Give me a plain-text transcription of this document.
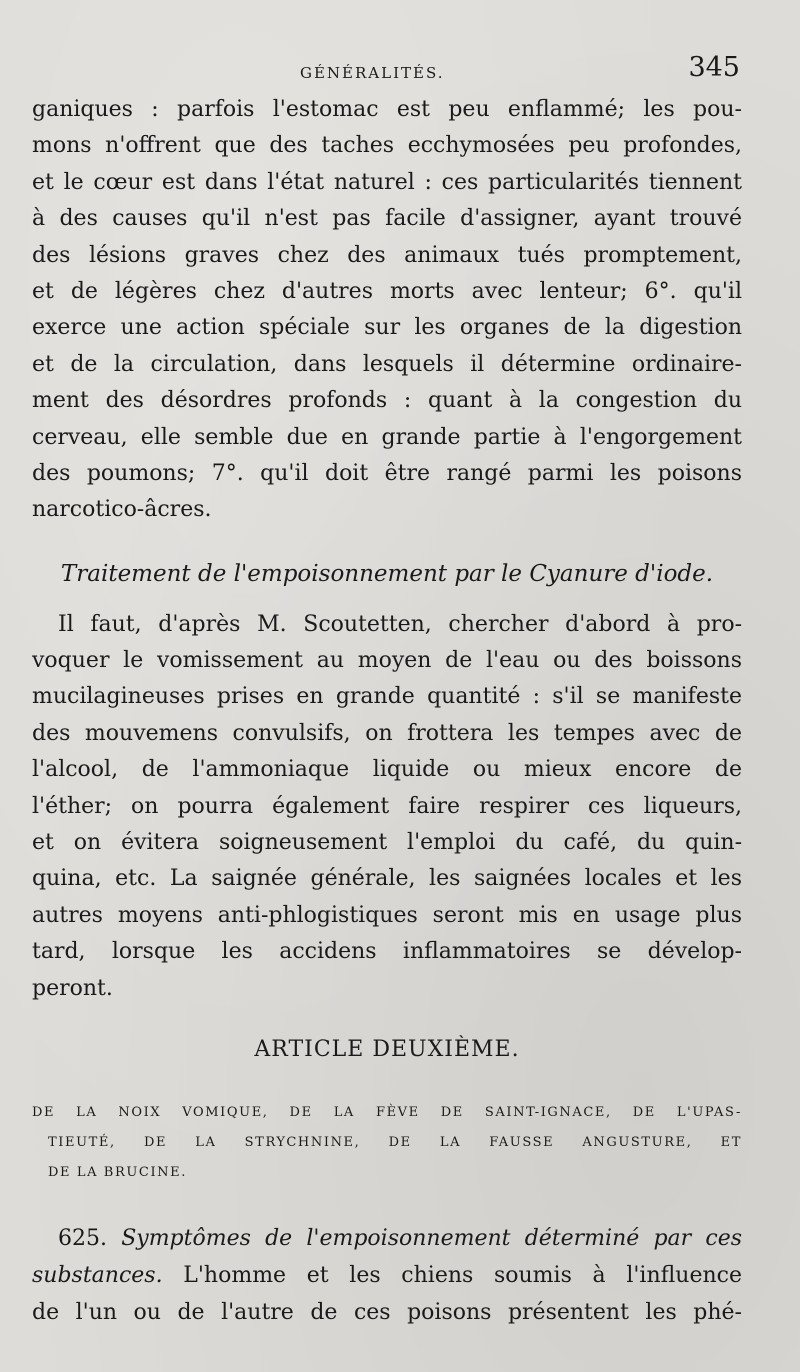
GÉNÉRALITÉS.	345
ganiques : parfois l'estomac est peu enflammé; les pou-
mons n'offrent que des taches ecchymosées peu profondes,
et le cœur est dans l'état naturel : ces particularités tiennent
à des causes qu'il n'est pas facile d'assigner, ayant trouvé
des lésions graves chez des animaux tués promptement,
et de légères chez d'autres morts avec lenteur; 6°. qu'il
exerce une action spéciale sur les organes de la digestion
et de la circulation, dans lesquels il détermine ordinaire-
ment des désordres profonds : quant à la congestion du
cerveau, elle semble due en grande partie à l'engorgement
des poumons; 7°. qu'il doit être rangé parmi les poisons
narcotico-âcres.
Traitement de l'empoisonnement par le Cyanure d'iode.
Il faut, d'après M. Scoutetten, chercher d'abord à pro-
voquer le vomissement au moyen de l'eau ou des boissons
mucilagineuses prises en grande quantité : s'il se manifeste
des mouvemens convulsifs, on frottera les tempes avec de
l'alcool, de l'ammoniaque liquide ou mieux encore de
l'éther; on pourra également faire respirer ces liqueurs,
et on évitera soigneusement l'emploi du café, du quin-
quina, etc. La saignée générale, les saignées locales et les
autres moyens anti-phlogistiques seront mis en usage plus
tard, lorsque les accidens inflammatoires se dévelop-
peront.
ARTICLE DEUXIÈME.
DE LA NOIX VOMIQUE, DE LA FÈVE DE SAINT-IGNACE, DE L'UPAS-
TIEUTÉ, DE LA STRYCHNINE, DE LA FAUSSE ANGUSTURE, ET
DE LA BRUCINE.
625. Symptômes de l'empoisonnement déterminé par ces
substances. L'homme et les chiens soumis à l'influence
de l'un ou de l'autre de ces poisons présentent les phé-
